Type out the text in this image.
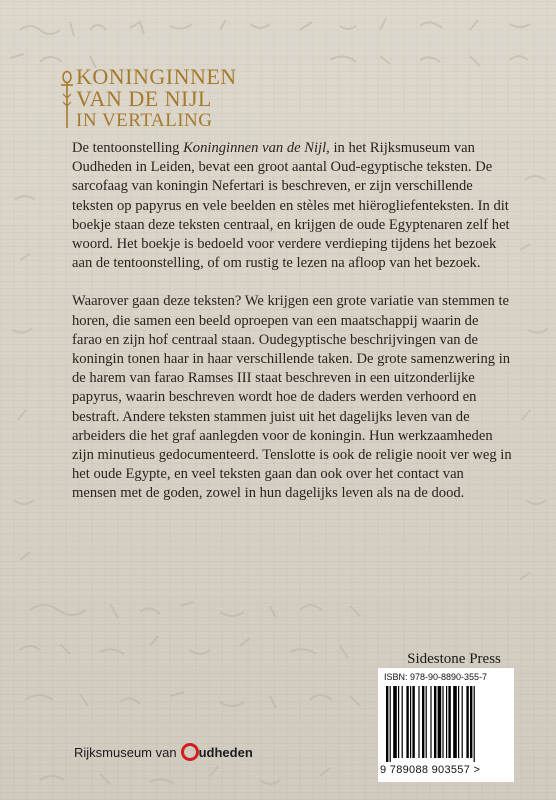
KONINGINNEN
VAN DE NIJL
IN VERTALING

De tentoonstelling Koninginnen van de Nijl, in het Rijksmuseum van Oudheden in Leiden, bevat een groot aantal Oud-egyptische teksten. De sarcofaag van koningin Nefertari is beschreven, er zijn verschillende teksten op papyrus en vele beelden en stèles met hiërogliefenteksten. In dit boekje staan deze teksten centraal, en krijgen de oude Egyptenaren zelf het woord. Het boekje is bedoeld voor verdere verdieping tijdens het bezoek aan de tentoonstelling, of om rustig te lezen na afloop van het bezoek.

Waarover gaan deze teksten? We krijgen een grote variatie van stemmen te horen, die samen een beeld oproepen van een maatschappij waarin de farao en zijn hof centraal staan. Oudegyptische beschrijvingen van de koningin tonen haar in haar verschillende taken. De grote samenzwering in de harem van farao Ramses III staat beschreven in een uitzonderlijke papyrus, waarin beschreven wordt hoe de daders werden verhoord en bestraft. Andere teksten stammen juist uit het dagelijks leven van de arbeiders die het graf aanlegden voor de koningin. Hun werkzaamheden zijn minutieus gedocumenteerd. Tenslotte is ook de religie nooit ver weg in het oude Egypte, en veel teksten gaan dan ook over het contact van mensen met de goden, zowel in hun dagelijks leven als na de dood.

Sidestone Press
ISBN: 978-90-8890-355-7
9 789088 903557 >
Rijksmuseum van udheden
